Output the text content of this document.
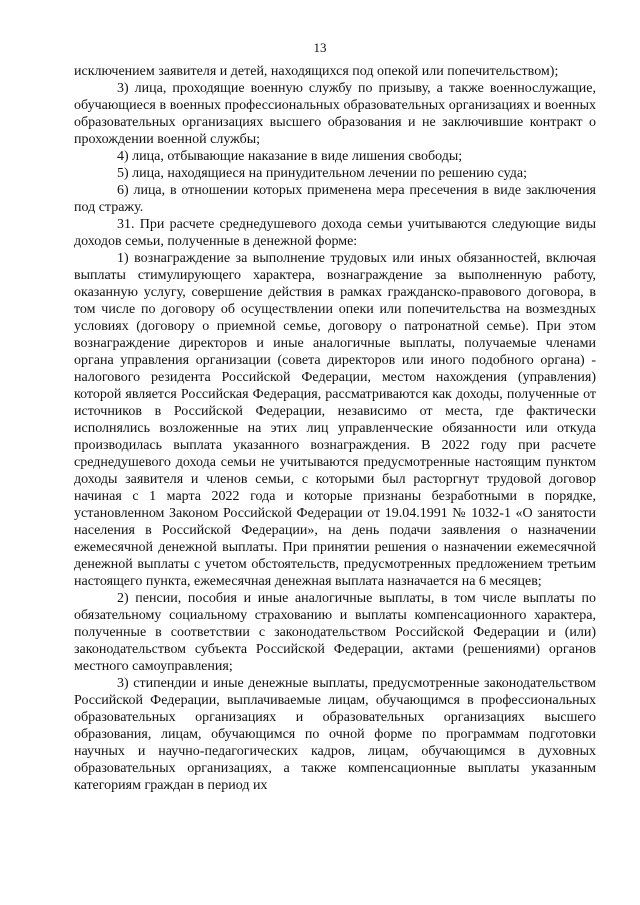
13

исключением заявителя и детей, находящихся под опекой или попечительством);

3) лица, проходящие военную службу по призыву, а также военнослужащие, обучающиеся в военных профессиональных образовательных организациях и военных образовательных организациях высшего образования и не заключившие контракт о прохождении военной службы;

4) лица, отбывающие наказание в виде лишения свободы;

5) лица, находящиеся на принудительном лечении по решению суда;

6) лица, в отношении которых применена мера пресечения в виде заключения под стражу.

31. При расчете среднедушевого дохода семьи учитываются следующие виды доходов семьи, полученные в денежной форме:

1) вознаграждение за выполнение трудовых или иных обязанностей, включая выплаты стимулирующего характера, вознаграждение за выполненную работу, оказанную услугу, совершение действия в рамках гражданско-правового договора, в том числе по договору об осуществлении опеки или попечительства на возмездных условиях (договору о приемной семье, договору о патронатной семье). При этом вознаграждение директоров и иные аналогичные выплаты, получаемые членами органа управления организации (совета директоров или иного подобного органа) - налогового резидента Российской Федерации, местом нахождения (управления) которой является Российская Федерация, рассматриваются как доходы, полученные от источников в Российской Федерации, независимо от места, где фактически исполнялись возложенные на этих лиц управленческие обязанности или откуда производилась выплата указанного вознаграждения. В 2022 году при расчете среднедушевого дохода семьи не учитываются предусмотренные настоящим пунктом доходы заявителя и членов семьи, с которыми был расторгнут трудовой договор начиная с 1 марта 2022 года и которые признаны безработными в порядке, установленном Законом Российской Федерации от 19.04.1991 № 1032-1 «О занятости населения в Российской Федерации», на день подачи заявления о назначении ежемесячной денежной выплаты. При принятии решения о назначении ежемесячной денежной выплаты с учетом обстоятельств, предусмотренных предложением третьим настоящего пункта, ежемесячная денежная выплата назначается на 6 месяцев;

2) пенсии, пособия и иные аналогичные выплаты, в том числе выплаты по обязательному социальному страхованию и выплаты компенсационного характера, полученные в соответствии с законодательством Российской Федерации и (или) законодательством субъекта Российской Федерации, актами (решениями) органов местного самоуправления;

3) стипендии и иные денежные выплаты, предусмотренные законодательством Российской Федерации, выплачиваемые лицам, обучающимся в профессиональных образовательных организациях и образовательных организациях высшего образования, лицам, обучающимся по очной форме по программам подготовки научных и научно-педагогических кадров, лицам, обучающимся в духовных образовательных организациях, а также компенсационные выплаты указанным категориям граждан в период их
